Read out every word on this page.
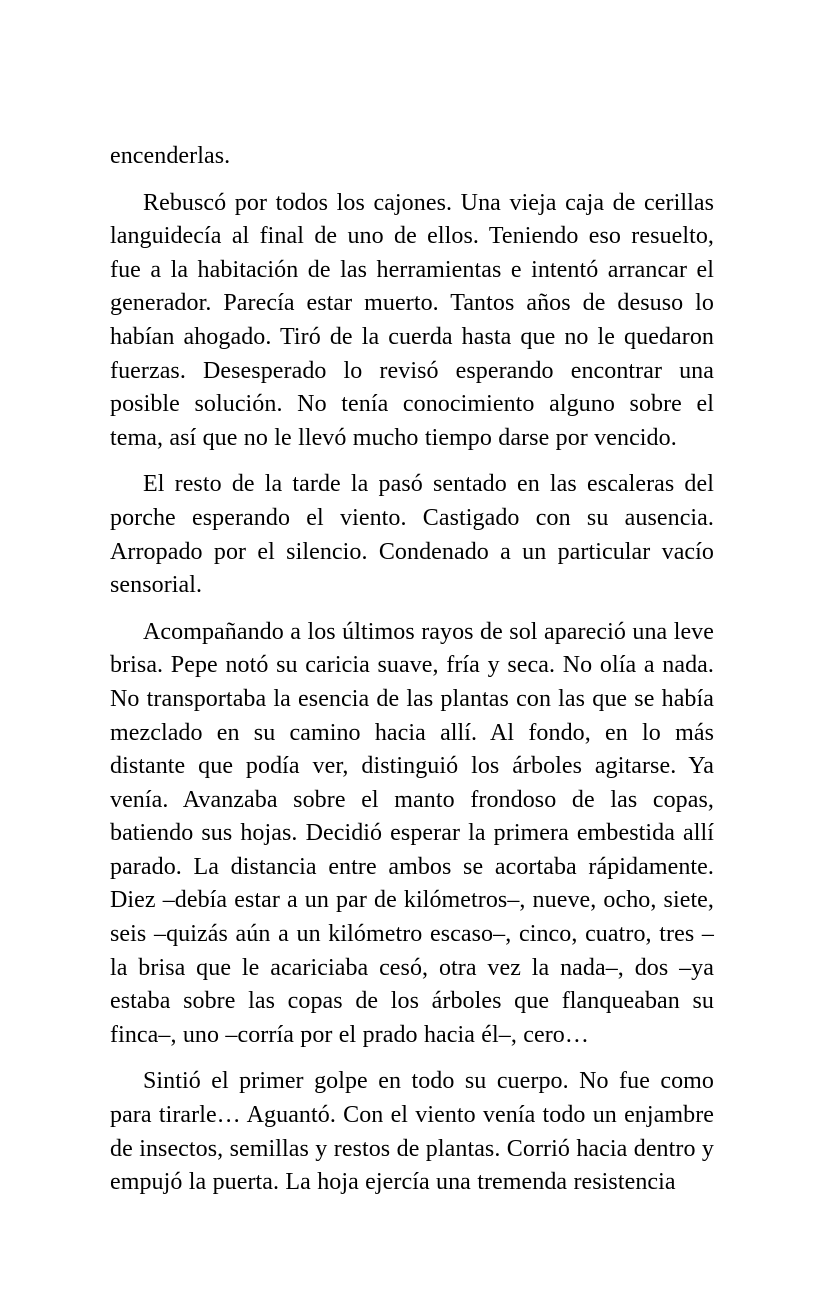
encenderlas.

Rebuscó por todos los cajones. Una vieja caja de cerillas languidecía al final de uno de ellos. Teniendo eso resuelto, fue a la habitación de las herramientas e intentó arrancar el generador. Parecía estar muerto. Tantos años de desuso lo habían ahogado. Tiró de la cuerda hasta que no le quedaron fuerzas. Desesperado lo revisó esperando encontrar una posible solución. No tenía conocimiento alguno sobre el tema, así que no le llevó mucho tiempo darse por vencido.

El resto de la tarde la pasó sentado en las escaleras del porche esperando el viento. Castigado con su ausencia. Arropado por el silencio. Condenado a un particular vacío sensorial.

Acompañando a los últimos rayos de sol apareció una leve brisa. Pepe notó su caricia suave, fría y seca. No olía a nada. No transportaba la esencia de las plantas con las que se había mezclado en su camino hacia allí. Al fondo, en lo más distante que podía ver, distinguió los árboles agitarse. Ya venía. Avanzaba sobre el manto frondoso de las copas, batiendo sus hojas. Decidió esperar la primera embestida allí parado. La distancia entre ambos se acortaba rápidamente. Diez –debía estar a un par de kilómetros–, nueve, ocho, siete, seis –quizás aún a un kilómetro escaso–, cinco, cuatro, tres –la brisa que le acariciaba cesó, otra vez la nada–, dos –ya estaba sobre las copas de los árboles que flanqueaban su finca–, uno –corría por el prado hacia él–, cero…

Sintió el primer golpe en todo su cuerpo. No fue como para tirarle… Aguantó. Con el viento venía todo un enjambre de insectos, semillas y restos de plantas. Corrió hacia dentro y empujó la puerta. La hoja ejercía una tremenda resistencia
